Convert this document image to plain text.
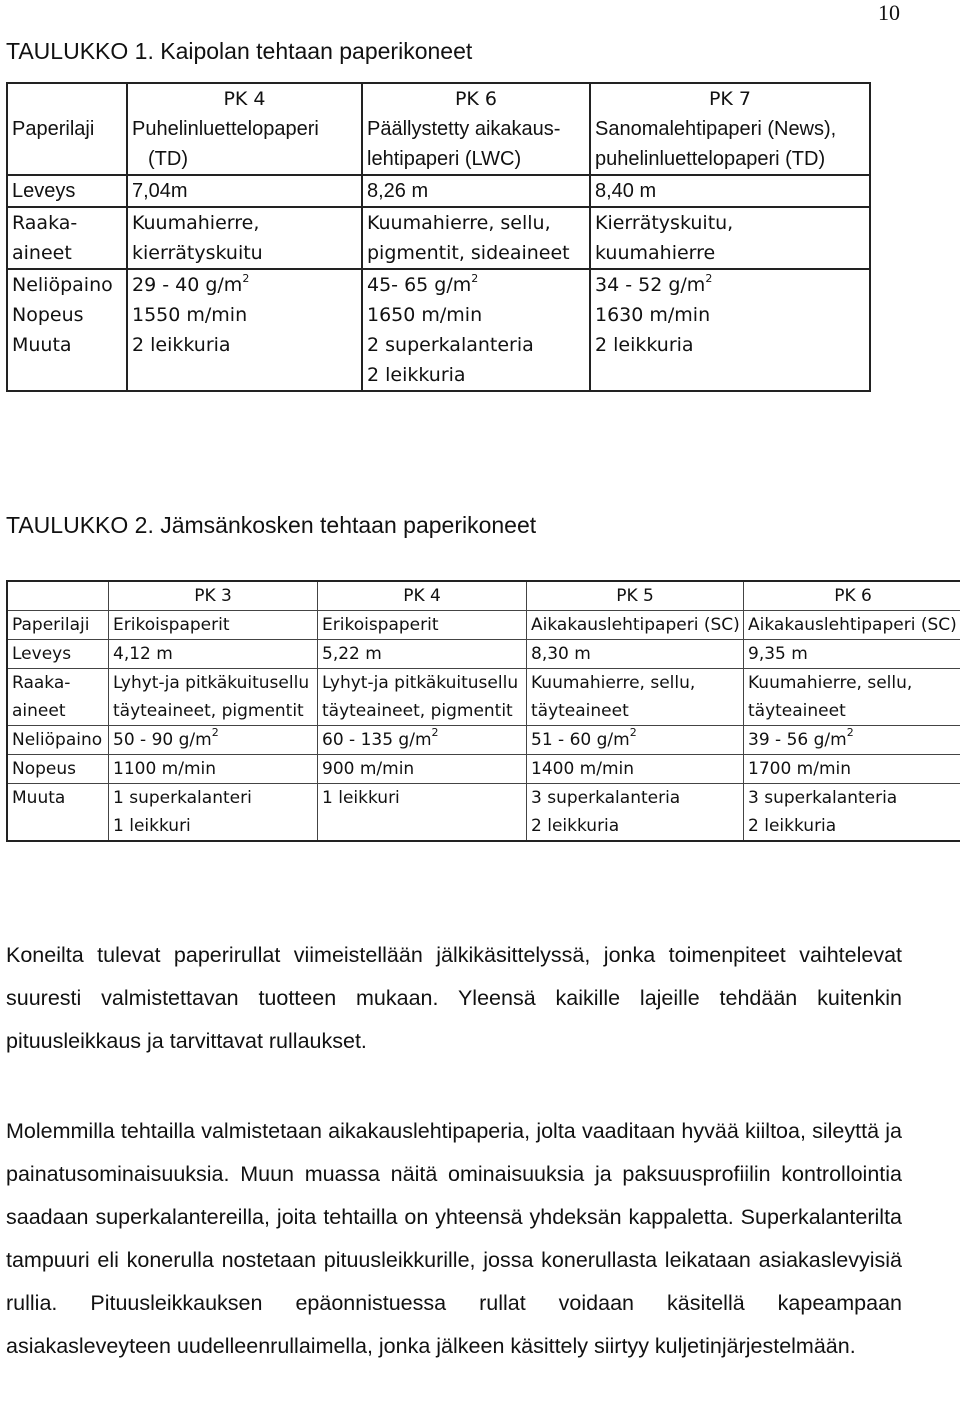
10
TAULUKKO 1. Kaipolan tehtaan paperikoneet
	PK 4	PK 6	PK 7
Paperilaji	Puhelinluettelopaperi	Päällystetty aikakaus-	Sanomalehtipaperi (News),
	(TD)	lehtipaperi (LWC)	puhelinluettelopaperi (TD)
Leveys	7,04m	8,26 m	8,40 m
Raaka-	Kuumahierre,	Kuumahierre, sellu,	Kierrätyskuitu,
aineet	kierrätyskuitu	pigmentit, sideaineet	kuumahierre
Neliöpaino	29 - 40 $g/m^2$	45- 65 $g/m^2$	34 - 52 $g/m^2$
Nopeus	1550 m/min	1650 m/min	1630 m/min
Muuta	2 leikkuria	2 superkalanteria	2 leikkuria
		2 leikkuria	
TAULUKKO 2. Jämsänkosken tehtaan paperikoneet
	PK 3	PK 4	PK 5	PK 6
Paperilaji	Erikoispaperit	Erikoispaperit	Aikakauslehtipaperi (SC)	Aikakauslehtipaperi (SC)
Leveys	4,12 m	5,22 m	8,30 m	9,35 m
Raaka-	Lyhyt-ja pitkäkuitusellu	Lyhyt-ja pitkäkuitusellu	Kuumahierre, sellu,	Kuumahierre, sellu,
aineet	täyteaineet, pigmentit	täyteaineet, pigmentit	täyteaineet	täyteaineet
Neliöpaino	50 - 90 $g/m^2$	60 - 135 $g/m^2$	51 - 60 $g/m^2$	39 - 56 $g/m^2$
Nopeus	1100 m/min	900 m/min	1400 m/min	1700 m/min
Muuta	1 superkalanteri	1 leikkuri	3 superkalanteria	3 superkalanteria
	1 leikkuri		2 leikkuria	2 leikkuria

Koneilta tulevat paperirullat viimeistellään jälkikäsittelyssä, jonka toimenpiteet vaihtelevat suuresti valmistettavan tuotteen mukaan. Yleensä kaikille lajeille tehdään kuitenkin pituusleikkaus ja tarvittavat rullaukset.

Molemmilla tehtailla valmistetaan aikakauslehtipaperia, jolta vaaditaan hyvää kiiltoa, sileyttä ja painatusominaisuuksia. Muun muassa näitä ominaisuuksia ja paksuusprofiilin kontrollointia saadaan superkalantereilla, joita tehtailla on yhteensä yhdeksän kappaletta. Superkalanterilta tampuuri eli konerulla nostetaan pituusleikkurille, jossa konerullasta leikataan asiakaslevyisiä rullia. Pituusleikkauksen epäonnistuessa rullat voidaan käsitellä kapeampaan asiakasleveyteen uudelleenrullaimella, jonka jälkeen käsittely siirtyy kuljetinjärjestelmään.
